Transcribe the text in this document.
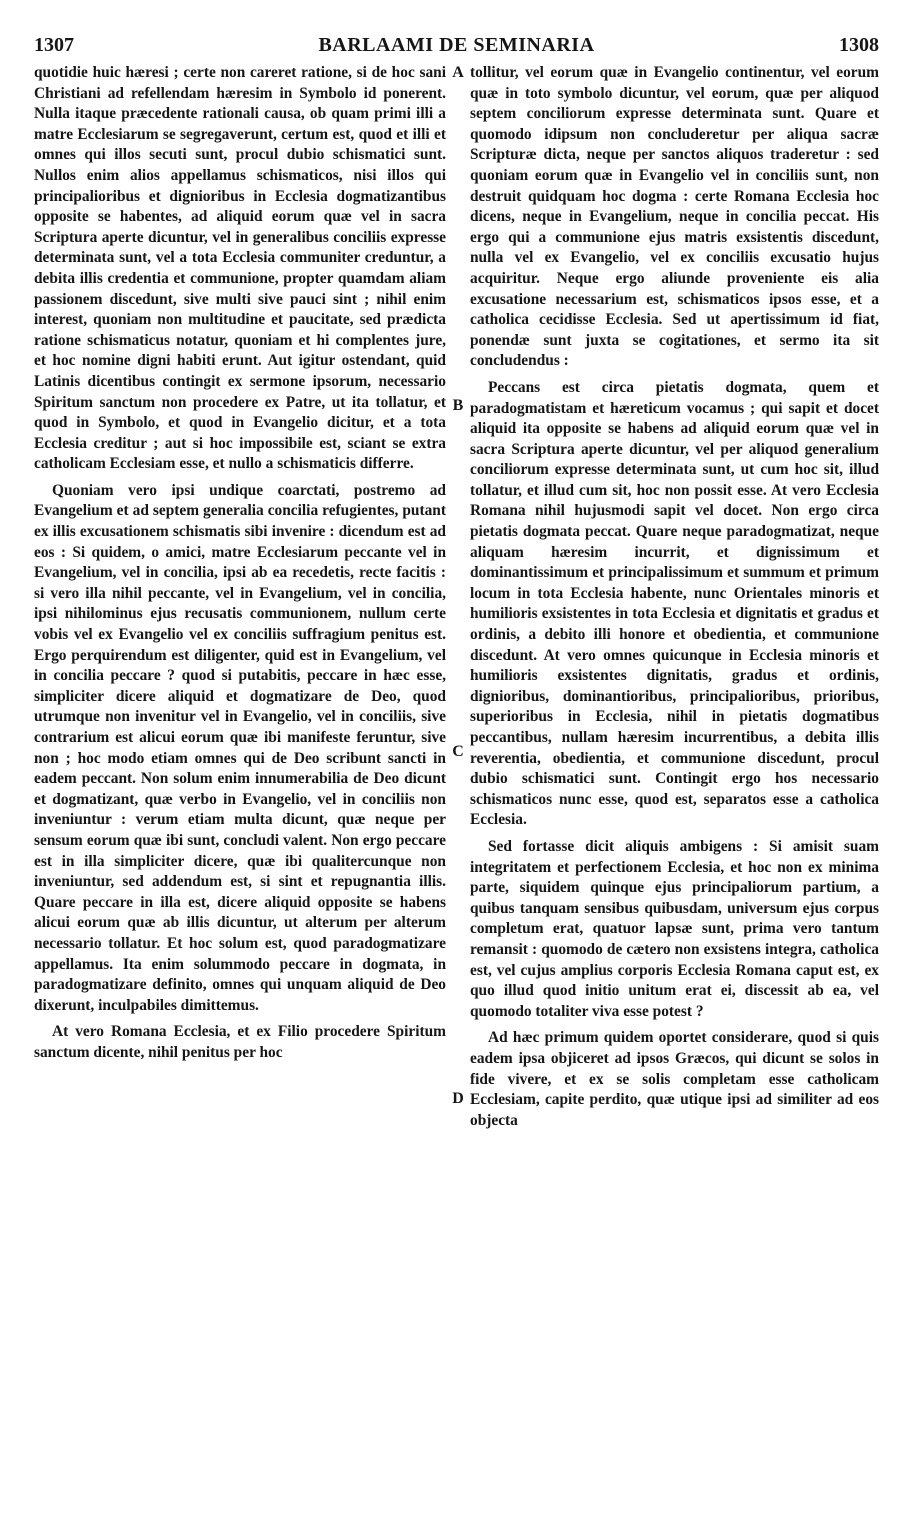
1307	BARLAAMI DE SEMINARIA	1308

quotidie huic hæresi ; certe non careret ratione, si de hoc sani Christiani ad refellendam hæresim in Symbolo id ponerent. Nulla itaque præcedente rationali causa, ob quam primi illi a matre Ecclesiarum se segregaverunt, certum est, quod et illi et omnes qui illos secuti sunt, procul dubio schismatici sunt. Nullos enim alios appellamus schismaticos, nisi illos qui principalioribus et dignioribus in Ecclesia dogmatizantibus opposite se habentes, ad aliquid eorum quæ vel in sacra Scriptura aperte dicuntur, vel in generalibus conciliis expresse determinata sunt, vel a tota Ecclesia communiter creduntur, a debita illis credentia et communione, propter quamdam aliam passionem discedunt, sive multi sive pauci sint ; nihil enim interest, quoniam non multitudine et paucitate, sed prædicta ratione schismaticus notatur, quoniam et hi complentes jure, et hoc nomine digni habiti erunt. Aut igitur ostendant, quid Latinis dicentibus contingit ex sermone ipsorum, necessario Spiritum sanctum non procedere ex Patre, ut ita tollatur, et quod in Symbolo, et quod in Evangelio dicitur, et a tota Ecclesia creditur ; aut si hoc impossibile est, sciant se extra catholicam Ecclesiam esse, et nullo a schismaticis differre.

Quoniam vero ipsi undique coarctati, postremo ad Evangelium et ad septem generalia concilia refugientes, putant ex illis excusationem schismatis sibi invenire : dicendum est ad eos : Si quidem, o amici, matre Ecclesiarum peccante vel in Evangelium, vel in concilia, ipsi ab ea recedetis, recte facitis : si vero illa nihil peccante, vel in Evangelium, vel in concilia, ipsi nihilominus ejus recusatis communionem, nullum certe vobis vel ex Evangelio vel ex conciliis suffragium penitus est. Ergo perquirendum est diligenter, quid est in Evangelium, vel in concilia peccare ? quod si putabitis, peccare in hæc esse, simpliciter dicere aliquid et dogmatizare de Deo, quod utrumque non invenitur vel in Evangelio, vel in conciliis, sive contrarium est alicui eorum quæ ibi manifeste feruntur, sive non ; hoc modo etiam omnes qui de Deo scribunt sancti in eadem peccant. Non solum enim innumerabilia de Deo dicunt et dogmatizant, quæ verbo in Evangelio, vel in conciliis non inveniuntur : verum etiam multa dicunt, quæ neque per sensum eorum quæ ibi sunt, concludi valent. Non ergo peccare est in illa simpliciter dicere, quæ ibi qualitercunque non inveniuntur, sed addendum est, si sint et repugnantia illis. Quare peccare in illa est, dicere aliquid opposite se habens alicui eorum quæ ab illis dicuntur, ut alterum per alterum necessario tollatur. Et hoc solum est, quod paradogmatizare appellamus. Ita enim solummodo peccare in dogmata, in paradogmatizare definito, omnes qui unquam aliquid de Deo dixerunt, inculpabiles dimittemus.

At vero Romana Ecclesia, et ex Filio procedere Spiritum sanctum dicente, nihil penitus per hoc

A
B
C
D

tollitur, vel eorum quæ in Evangelio continentur, vel eorum quæ in toto symbolo dicuntur, vel eorum, quæ per aliquod septem conciliorum expresse determinata sunt. Quare et quomodo idipsum non concluderetur per aliqua sacræ Scripturæ dicta, neque per sanctos aliquos traderetur : sed quoniam eorum quæ in Evangelio vel in conciliis sunt, non destruit quidquam hoc dogma : certe Romana Ecclesia hoc dicens, neque in Evangelium, neque in concilia peccat. His ergo qui a communione ejus matris exsistentis discedunt, nulla vel ex Evangelio, vel ex conciliis excusatio hujus acquiritur. Neque ergo aliunde proveniente eis alia excusatione necessarium est, schismaticos ipsos esse, et a catholica cecidisse Ecclesia. Sed ut apertissimum id fiat, ponendæ sunt juxta se cogitationes, et sermo ita sit concludendus :

Peccans est circa pietatis dogmata, quem et paradogmatistam et hæreticum vocamus ; qui sapit et docet aliquid ita opposite se habens ad aliquid eorum quæ vel in sacra Scriptura aperte dicuntur, vel per aliquod generalium conciliorum expresse determinata sunt, ut cum hoc sit, illud tollatur, et illud cum sit, hoc non possit esse. At vero Ecclesia Romana nihil hujusmodi sapit vel docet. Non ergo circa pietatis dogmata peccat. Quare neque paradogmatizat, neque aliquam hæresim incurrit, et dignissimum et dominantissimum et principalissimum et summum et primum locum in tota Ecclesia habente, nunc Orientales minoris et humilioris exsistentes in tota Ecclesia et dignitatis et gradus et ordinis, a debito illi honore et obedientia, et communione discedunt. At vero omnes quicunque in Ecclesia minoris et humilioris exsistentes dignitatis, gradus et ordinis, dignioribus, dominantioribus, principalioribus, prioribus, superioribus in Ecclesia, nihil in pietatis dogmatibus peccantibus, nullam hæresim incurrentibus, a debita illis reverentia, obedientia, et communione discedunt, procul dubio schismatici sunt. Contingit ergo hos necessario schismaticos nunc esse, quod est, separatos esse a catholica Ecclesia.

Sed fortasse dicit aliquis ambigens : Si amisit suam integritatem et perfectionem Ecclesia, et hoc non ex minima parte, siquidem quinque ejus principaliorum partium, a quibus tanquam sensibus quibusdam, universum ejus corpus completum erat, quatuor lapsæ sunt, prima vero tantum remansit : quomodo de cætero non exsistens integra, catholica est, vel cujus amplius corporis Ecclesia Romana caput est, ex quo illud quod initio unitum erat ei, discessit ab ea, vel quomodo totaliter viva esse potest ?

Ad hæc primum quidem oportet considerare, quod si quis eadem ipsa objiceret ad ipsos Græcos, qui dicunt se solos in fide vivere, et ex se solis completam esse catholicam Ecclesiam, capite perdito, quæ utique ipsi ad similiter ad eos objecta
